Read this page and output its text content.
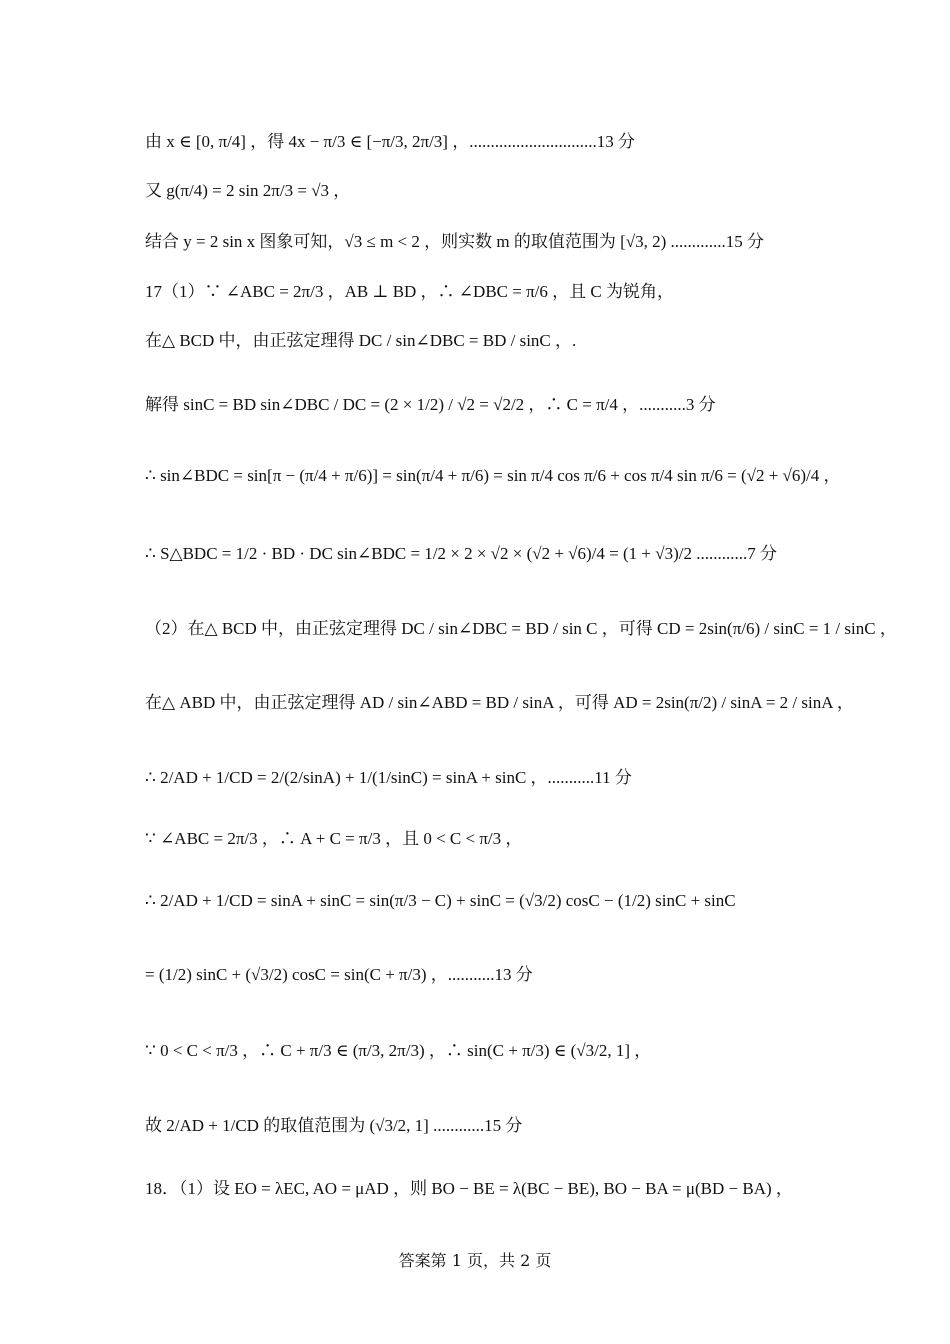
由 x ∈ [0, π/4] ，得 4x − π/3 ∈ [−π/3, 2π/3] ，..............................13 分
又 g(π/4) = 2 sin 2π/3 = √3 ，
结合 y = 2 sin x 图象可知，√3 ≤ m < 2 ，则实数 m 的取值范围为 [√3, 2) .............15 分
17（1）∵ ∠ABC = 2π/3 ，AB ⊥ BD ，∴ ∠DBC = π/6 ，且 C 为锐角，
在△ BCD 中，由正弦定理得 DC / sin∠DBC = BD / sinC ，.
解得 sinC = BD sin∠DBC / DC = (2 × 1/2) / √2 = √2/2 ，∴ C = π/4 ，...........3 分
∴ sin∠BDC = sin[π − (π/4 + π/6)] = sin(π/4 + π/6) = sin π/4 cos π/6 + cos π/4 sin π/6 = (√2 + √6)/4 ，
∴ S△BDC = 1/2 · BD · DC sin∠BDC = 1/2 × 2 × √2 × (√2 + √6)/4 = (1 + √3)/2 ............7 分
（2）在△ BCD 中，由正弦定理得 DC / sin∠DBC = BD / sin C ，可得 CD = 2sin(π/6) / sinC = 1 / sinC ，
在△ ABD 中，由正弦定理得 AD / sin∠ABD = BD / sinA ，可得 AD = 2sin(π/2) / sinA = 2 / sinA ，
∴ 2/AD + 1/CD = 2/(2/sinA) + 1/(1/sinC) = sinA + sinC ，...........11 分
∵ ∠ABC = 2π/3 ，∴ A + C = π/3 ，且 0 < C < π/3 ，
∴ 2/AD + 1/CD = sinA + sinC = sin(π/3 − C) + sinC = (√3/2) cosC − (1/2) sinC + sinC
= (1/2) sinC + (√3/2) cosC = sin(C + π/3) ，...........13 分
∵ 0 < C < π/3 ，∴ C + π/3 ∈ (π/3, 2π/3) ，∴ sin(C + π/3) ∈ (√3/2, 1] ，
故 2/AD + 1/CD 的取值范围为 (√3/2, 1] ............15 分
18．（1）设 EO = λEC, AO = μAD ，则 BO − BE = λ(BC − BE), BO − BA = μ(BD − BA) ，
答案第 1 页，共 2 页
